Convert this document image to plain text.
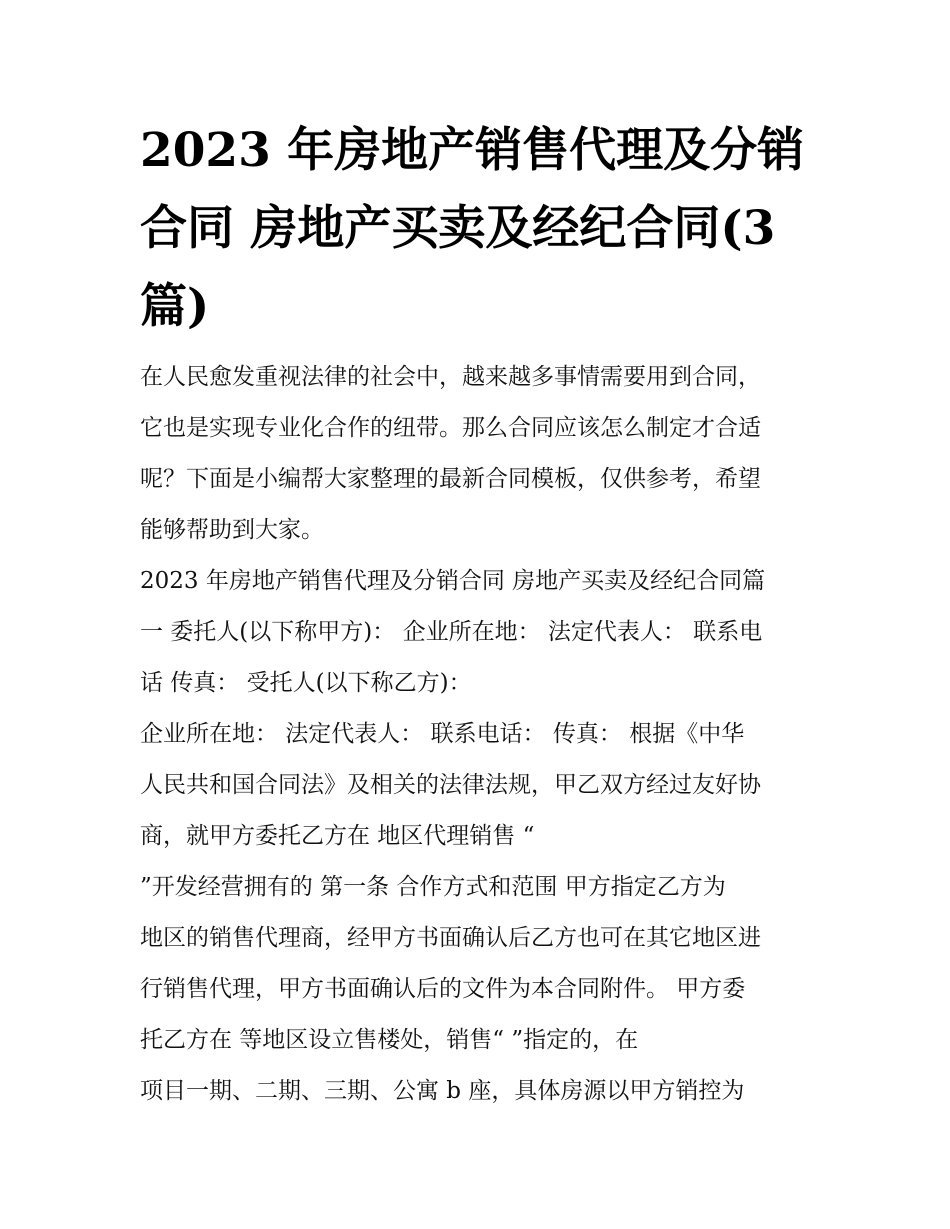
2023 年房地产销售代理及分销
合同 房地产买卖及经纪合同(3
篇)
在人民愈发重视法律的社会中，越来越多事情需要用到合同，
它也是实现专业化合作的纽带。那么合同应该怎么制定才合适
呢？下面是小编帮大家整理的最新合同模板，仅供参考，希望
能够帮助到大家。
2023 年房地产销售代理及分销合同 房地产买卖及经纪合同篇
一 委托人(以下称甲方)： 企业所在地： 法定代表人： 联系电
话 传真： 受托人(以下称乙方)：
企业所在地： 法定代表人： 联系电话： 传真： 根据《中华
人民共和国合同法》及相关的法律法规，甲乙双方经过友好协
商，就甲方委托乙方在 地区代理销售 “
”开发经营拥有的 第一条 合作方式和范围 甲方指定乙方为
地区的销售代理商，经甲方书面确认后乙方也可在其它地区进
行销售代理，甲方书面确认后的文件为本合同附件。 甲方委
托乙方在 等地区设立售楼处，销售“ ”指定的，在
项目一期、二期、三期、公寓 b 座，具体房源以甲方销控为
